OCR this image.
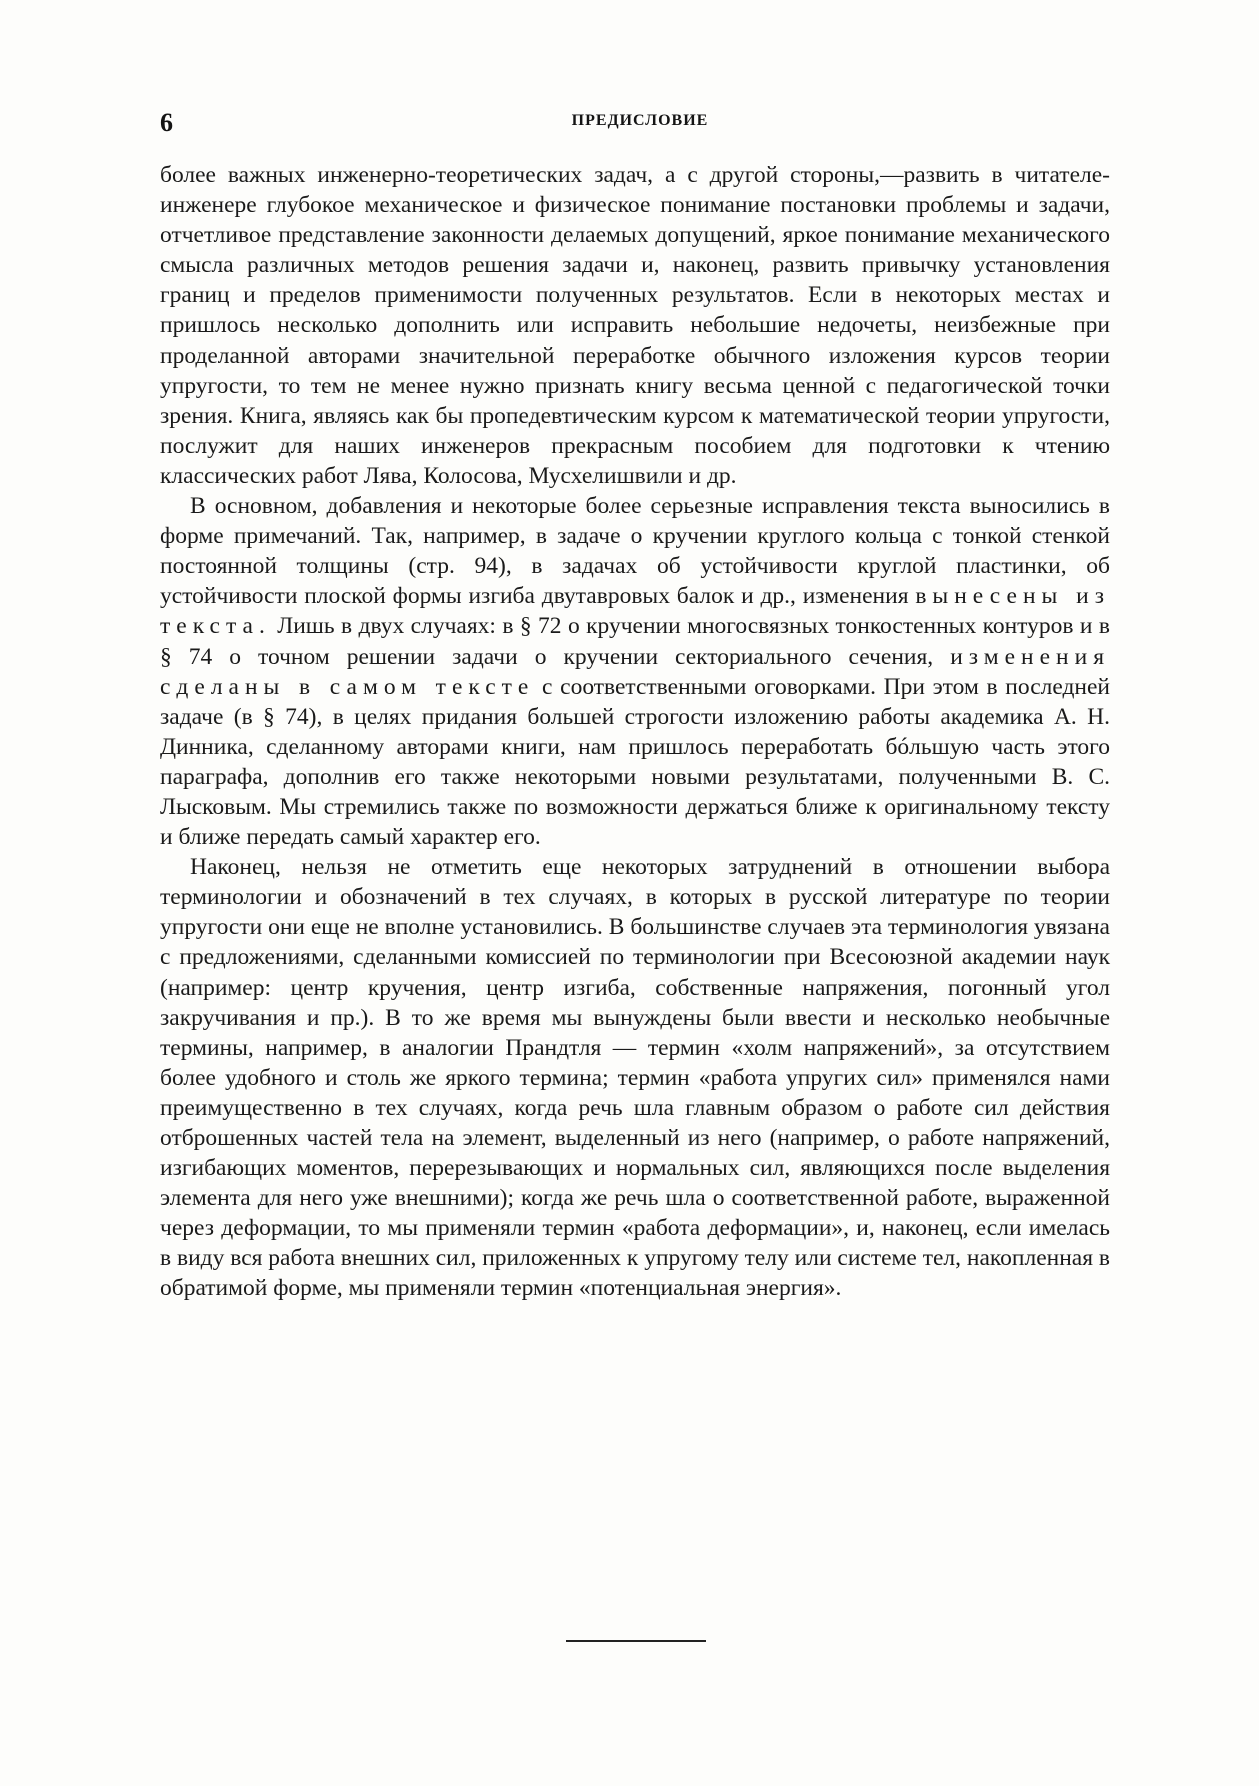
6	ПРЕДИСЛОВИЕ

более важных инженерно-теоретических задач, а с другой стороны,—развить в читателе-инженере глубокое механическое и физическое понимание постановки проблемы и задачи, отчетливое представление законности делаемых допущений, яркое понимание механического смысла различных методов решения задачи и, наконец, развить привычку установления границ и пределов применимости полученных результатов. Если в некоторых местах и пришлось несколько дополнить или исправить небольшие недочеты, неизбежные при проделанной авторами значительной переработке обычного изложения курсов теории упругости, то тем не менее нужно признать книгу весьма ценной с педагогической точки зрения. Книга, являясь как бы пропедевтическим курсом к математической теории упругости, послужит для наших инженеров прекрасным пособием для подготовки к чтению классических работ Лява, Колосова, Мусхелишвили и др.

В основном, добавления и некоторые более серьезные исправления текста выносились в форме примечаний. Так, например, в задаче о кручении круглого кольца с тонкой стенкой постоянной толщины (стр. 94), в задачах об устойчивости круглой пластинки, об устойчивости плоской формы изгиба двутавровых балок и др., изменения вынесены из текста. Лишь в двух случаях: в § 72 о кручении многосвязных тонкостенных контуров и в § 74 о точном решении задачи о кручении секториального сечения, изменения сделаны в самом тексте с соответственными оговорками. При этом в последней задаче (в § 74), в целях придания большей строгости изложению работы академика А. Н. Динника, сделанному авторами книги, нам пришлось переработать бóльшую часть этого параграфа, дополнив его также некоторыми новыми результатами, полученными В. С. Лысковым. Мы стремились также по возможности держаться ближе к оригинальному тексту и ближе передать самый характер его.

Наконец, нельзя не отметить еще некоторых затруднений в отношении выбора терминологии и обозначений в тех случаях, в которых в русской литературе по теории упругости они еще не вполне установились. В большинстве случаев эта терминология увязана с предложениями, сделанными комиссией по терминологии при Всесоюзной академии наук (например: центр кручения, центр изгиба, собственные напряжения, погонный угол закручивания и пр.). В то же время мы вынуждены были ввести и несколько необычные термины, например, в аналогии Прандтля — термин «холм напряжений», за отсутствием более удобного и столь же яркого термина; термин «работа упругих сил» применялся нами преимущественно в тех случаях, когда речь шла главным образом о работе сил действия отброшенных частей тела на элемент, выделенный из него (например, о работе напряжений, изгибающих моментов, перерезывающих и нормальных сил, являющихся после выделения элемента для него уже внешними); когда же речь шла о соответственной работе, выраженной через деформации, то мы применяли термин «работа деформации», и, наконец, если имелась в виду вся работа внешних сил, приложенных к упругому телу или системе тел, накопленная в обратимой форме, мы применяли термин «потенциальная энергия».
